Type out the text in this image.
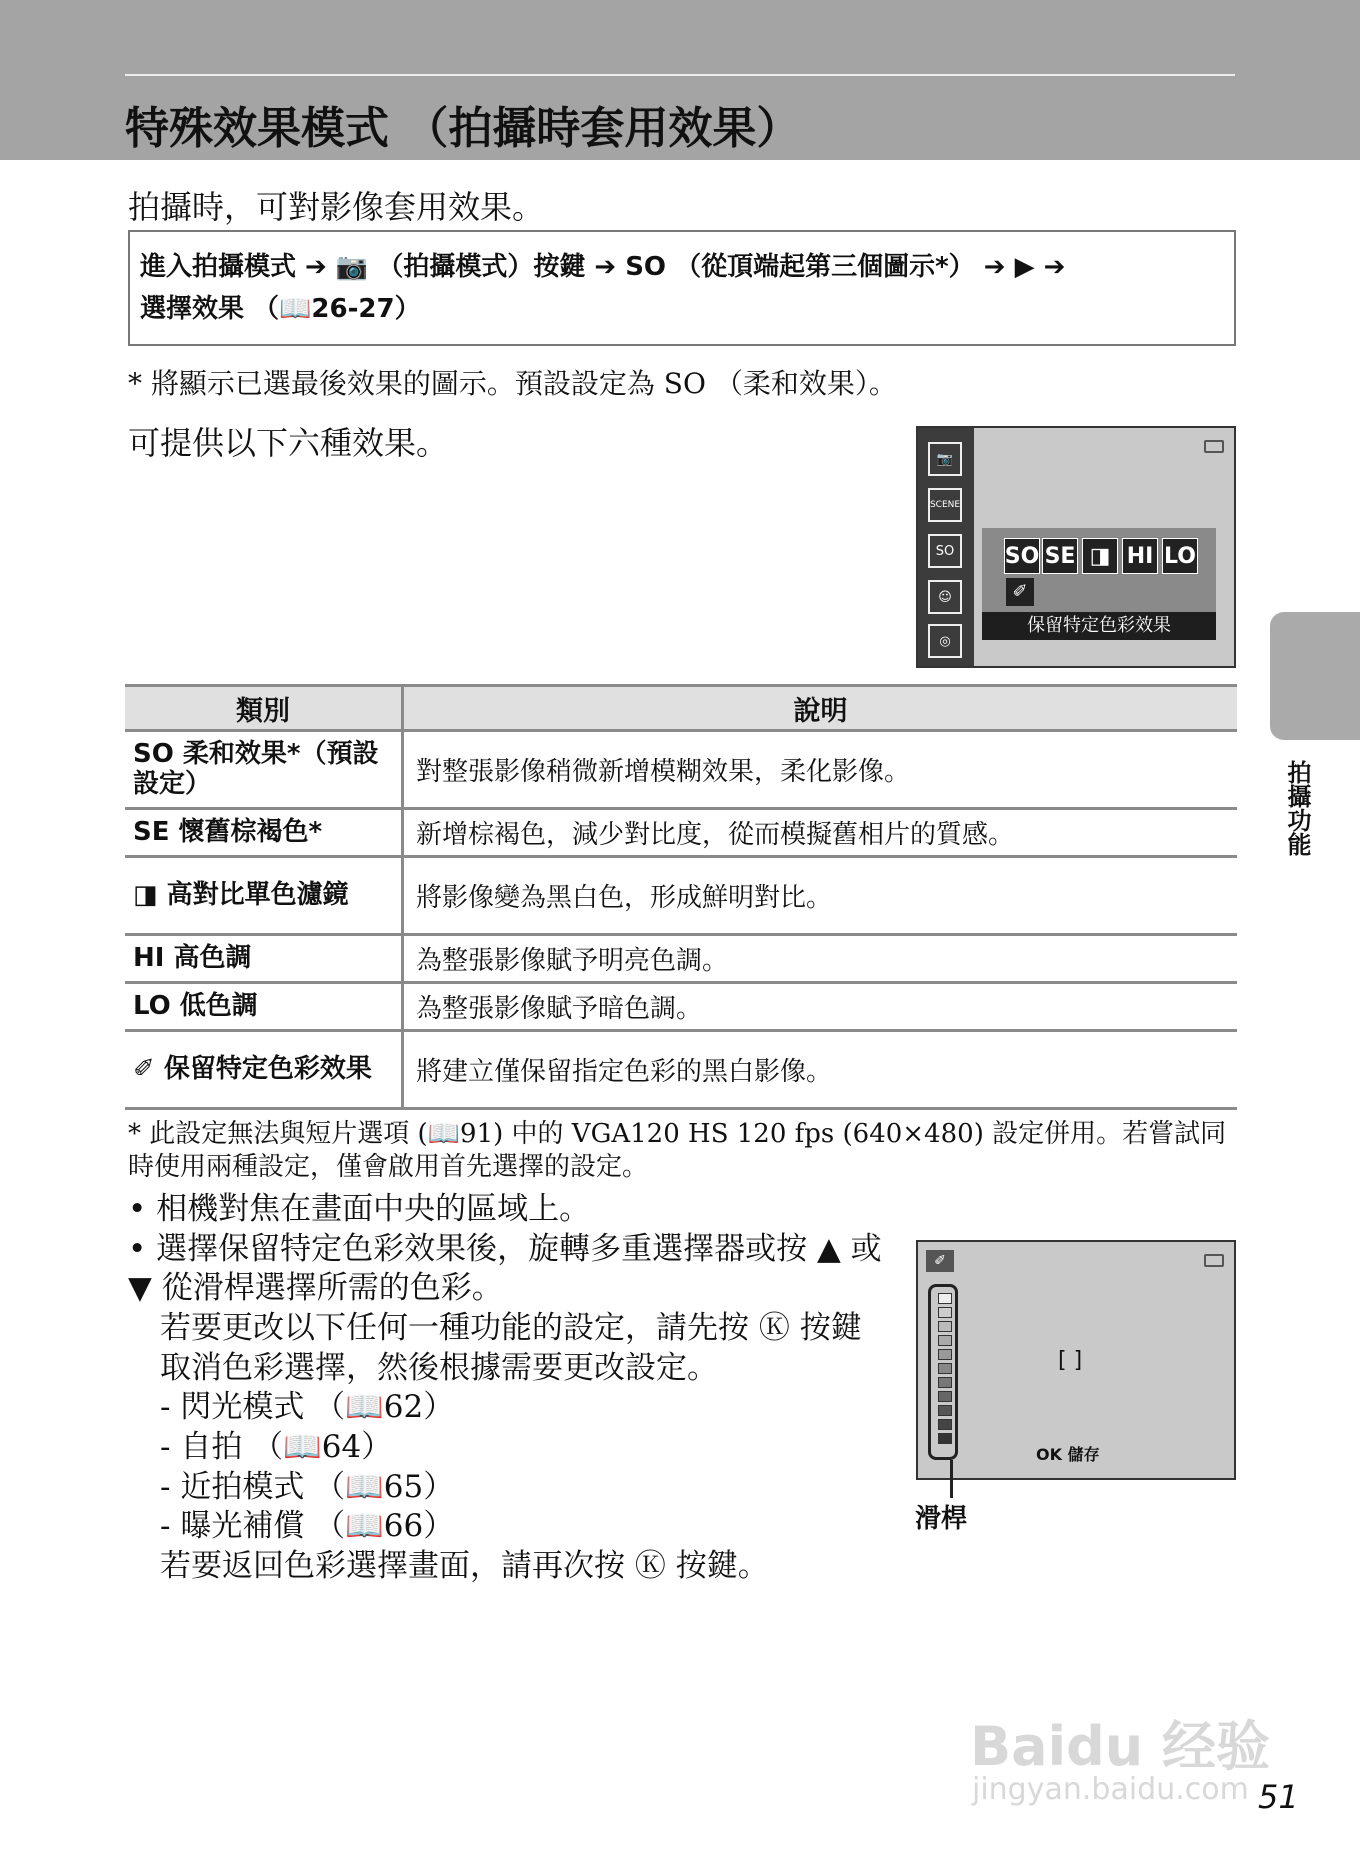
特殊效果模式 （拍攝時套用效果）
拍攝時，可對影像套用效果。
進入拍攝模式 ➔ 📷 （拍攝模式）按鍵 ➔ SO （從頂端起第三個圖示*） ➔ ▶ ➔
選擇效果 （📖26-27）
* 將顯示已選最後效果的圖示。預設設定為 SO （柔和效果）。
可提供以下六種效果。	📷
SCENE
SO
☺
◎
SO SE ◨ HI LO
✐
保留特定色彩效果
拍攝功能
類別	說明
SO 柔和效果*（預設設定）	對整張影像稍微新增模糊效果，柔化影像。
SE 懷舊棕褐色*	新增棕褐色，減少對比度，從而模擬舊相片的質感。
◨ 高對比單色濾鏡	將影像變為黑白色，形成鮮明對比。
HI 高色調	為整張影像賦予明亮色調。
LO 低色調	為整張影像賦予暗色調。
✐ 保留特定色彩效果	將建立僅保留指定色彩的黑白影像。
* 此設定無法與短片選項 (📖91) 中的 VGA120 HS 120 fps (640×480) 設定併用。若嘗試同時使用兩種設定，僅會啟用首先選擇的設定。
• 相機對焦在畫面中央的區域上。
• 選擇保留特定色彩效果後，旋轉多重選擇器或按 ▲ 或 ▼ 從滑桿選擇所需的色彩。
若要更改以下任何一種功能的設定，請先按 Ⓚ 按鍵取消色彩選擇，然後根據需要更改設定。
- 閃光模式 （📖62）
- 自拍 （📖64）
- 近拍模式 （📖65）
- 曝光補償 （📖66）
若要返回色彩選擇畫面，請再次按 Ⓚ 按鍵。
✐
[ ]
OK 儲存
滑桿
Baidu 经验
jingyan.baidu.com 51
